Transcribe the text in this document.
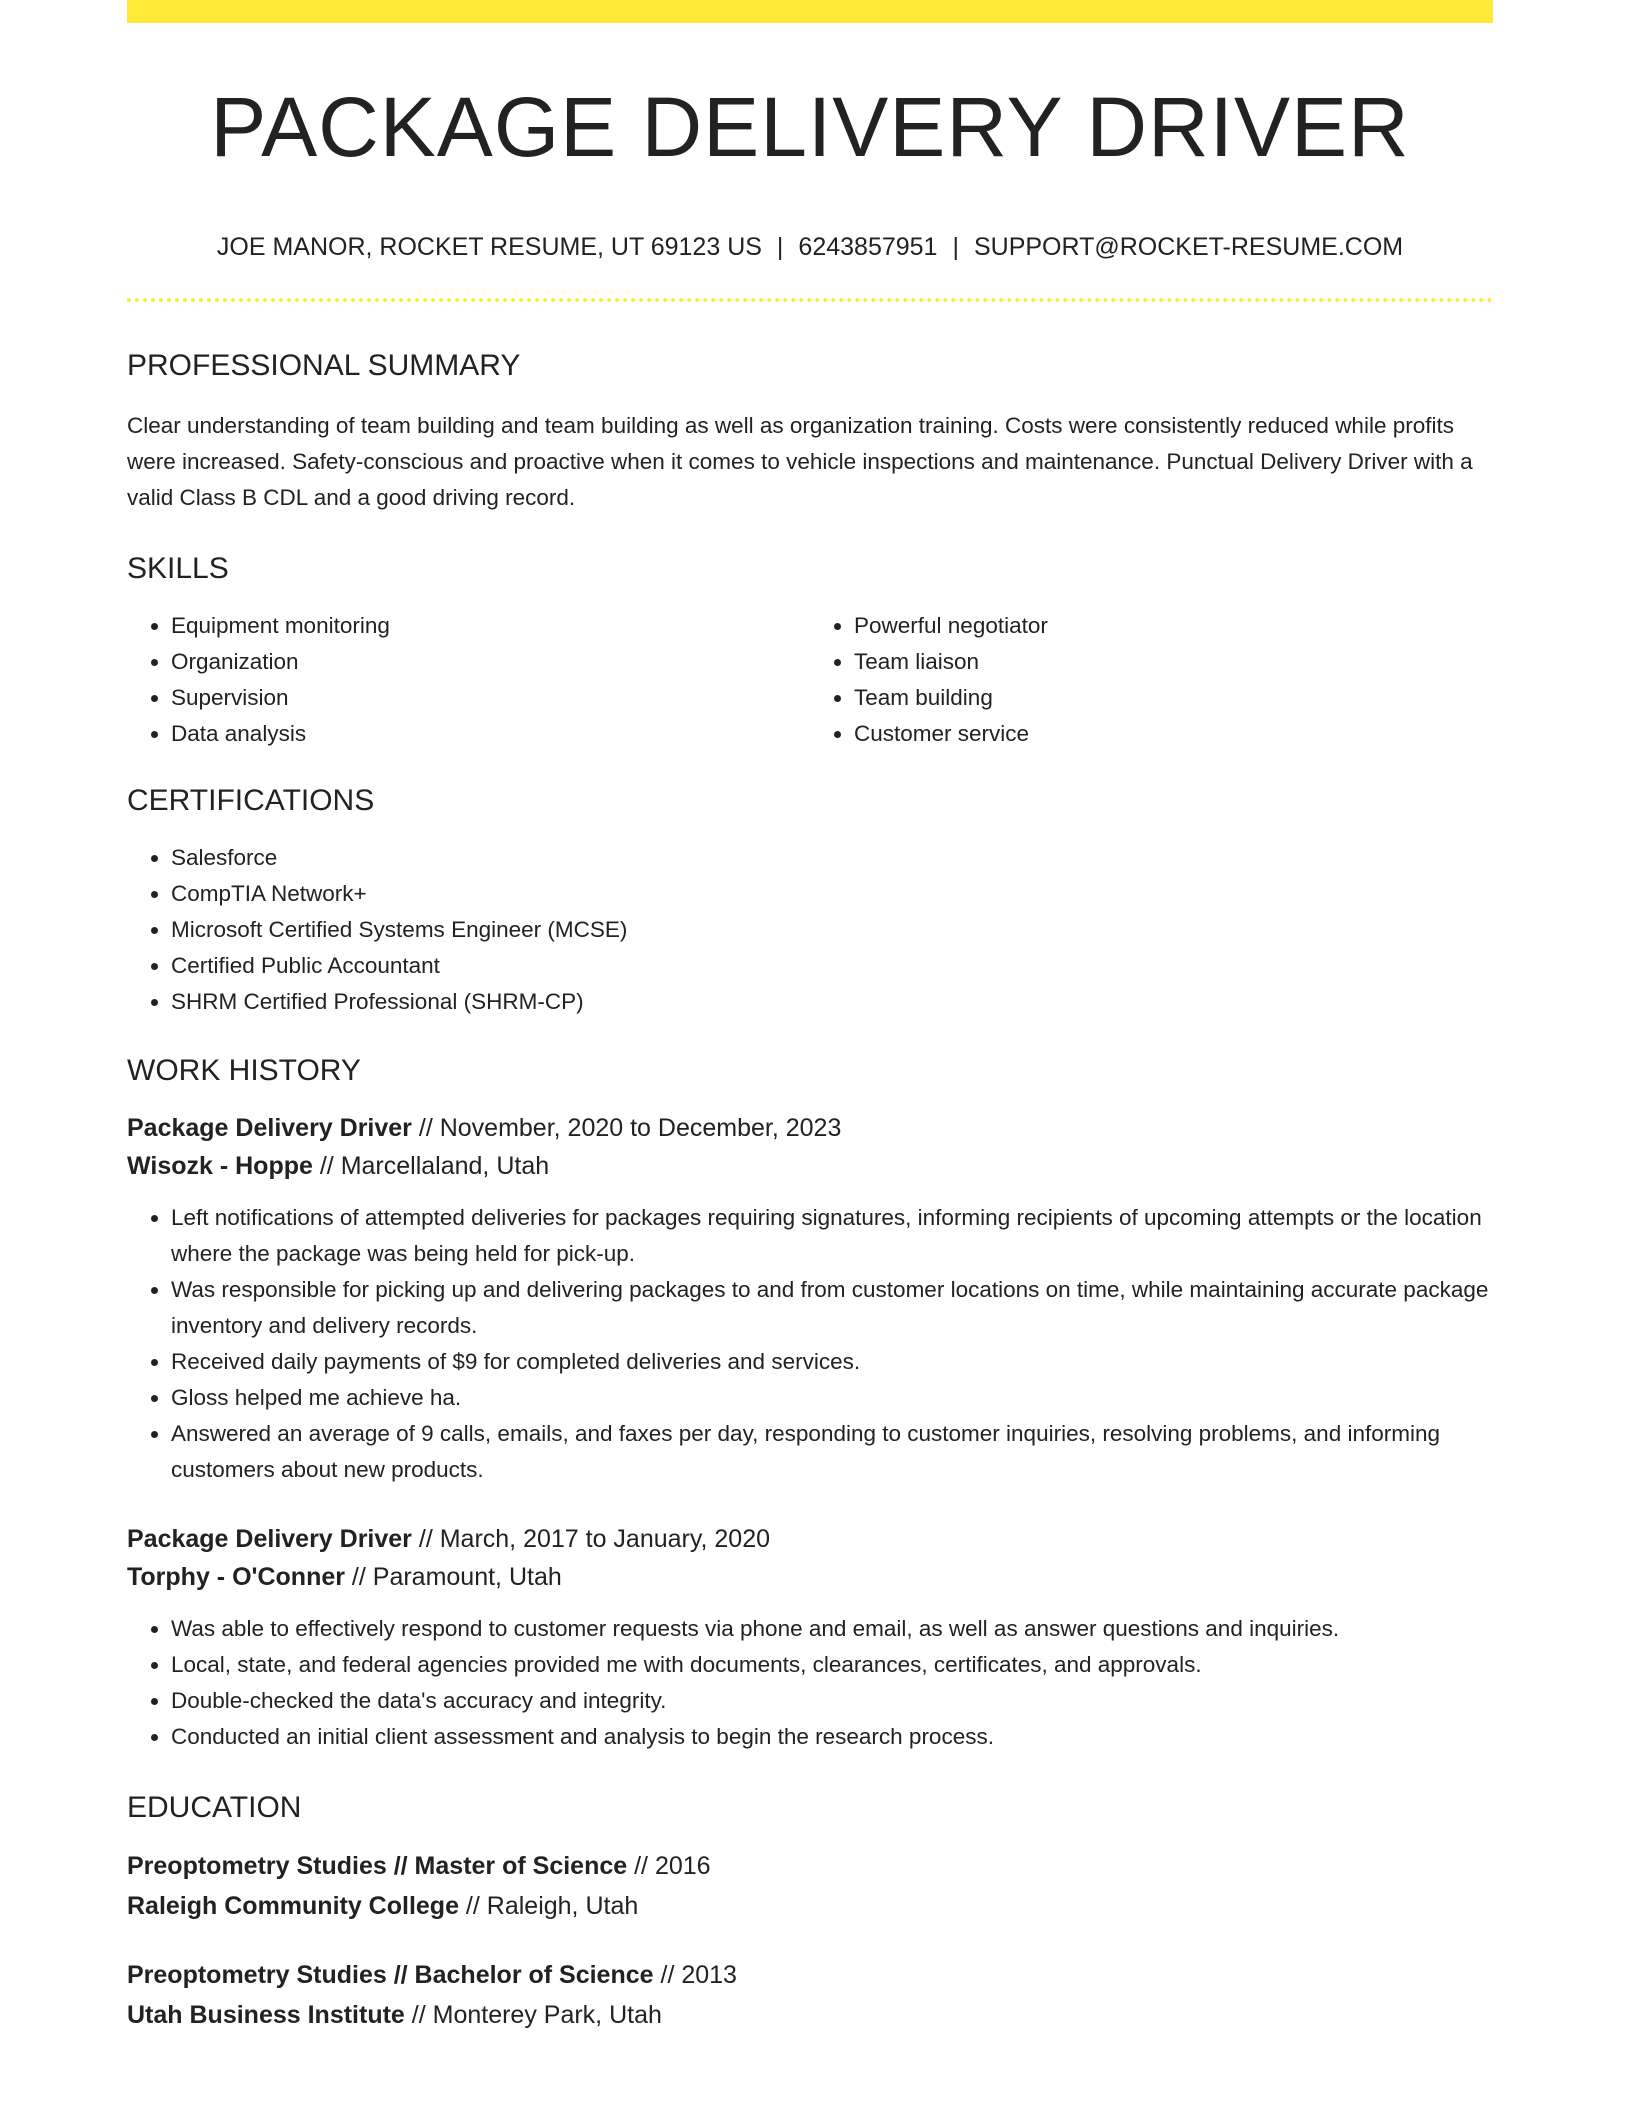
PACKAGE DELIVERY DRIVER
JOE MANOR, ROCKET RESUME, UT 69123 US | 6243857951 | SUPPORT@ROCKET-RESUME.COM
PROFESSIONAL SUMMARY

Clear understanding of team building and team building as well as organization training. Costs were consistently reduced while profits were increased. Safety-conscious and proactive when it comes to vehicle inspections and maintenance. Punctual Delivery Driver with a valid Class B CDL and a good driving record.

SKILLS
• Equipment monitoring
• Organization
• Supervision
• Data analysis
• Powerful negotiator
• Team liaison
• Team building
• Customer service
CERTIFICATIONS
• Salesforce
• CompTIA Network+
• Microsoft Certified Systems Engineer (MCSE)
• Certified Public Accountant
• SHRM Certified Professional (SHRM-CP)
WORK HISTORY
Package Delivery Driver // November, 2020 to December, 2023
Wisozk - Hoppe // Marcellaland, Utah
• Left notifications of attempted deliveries for packages requiring signatures, informing recipients of upcoming attempts or the location where the package was being held for pick-up.
• Was responsible for picking up and delivering packages to and from customer locations on time, while maintaining accurate package inventory and delivery records.
• Received daily payments of $9 for completed deliveries and services.
• Gloss helped me achieve ha.
• Answered an average of 9 calls, emails, and faxes per day, responding to customer inquiries, resolving problems, and informing customers about new products.
Package Delivery Driver // March, 2017 to January, 2020
Torphy - O'Conner // Paramount, Utah
• Was able to effectively respond to customer requests via phone and email, as well as answer questions and inquiries.
• Local, state, and federal agencies provided me with documents, clearances, certificates, and approvals.
• Double-checked the data's accuracy and integrity.
• Conducted an initial client assessment and analysis to begin the research process.
EDUCATION
Preoptometry Studies // Master of Science // 2016
Raleigh Community College // Raleigh, Utah
Preoptometry Studies // Bachelor of Science // 2013
Utah Business Institute // Monterey Park, Utah
